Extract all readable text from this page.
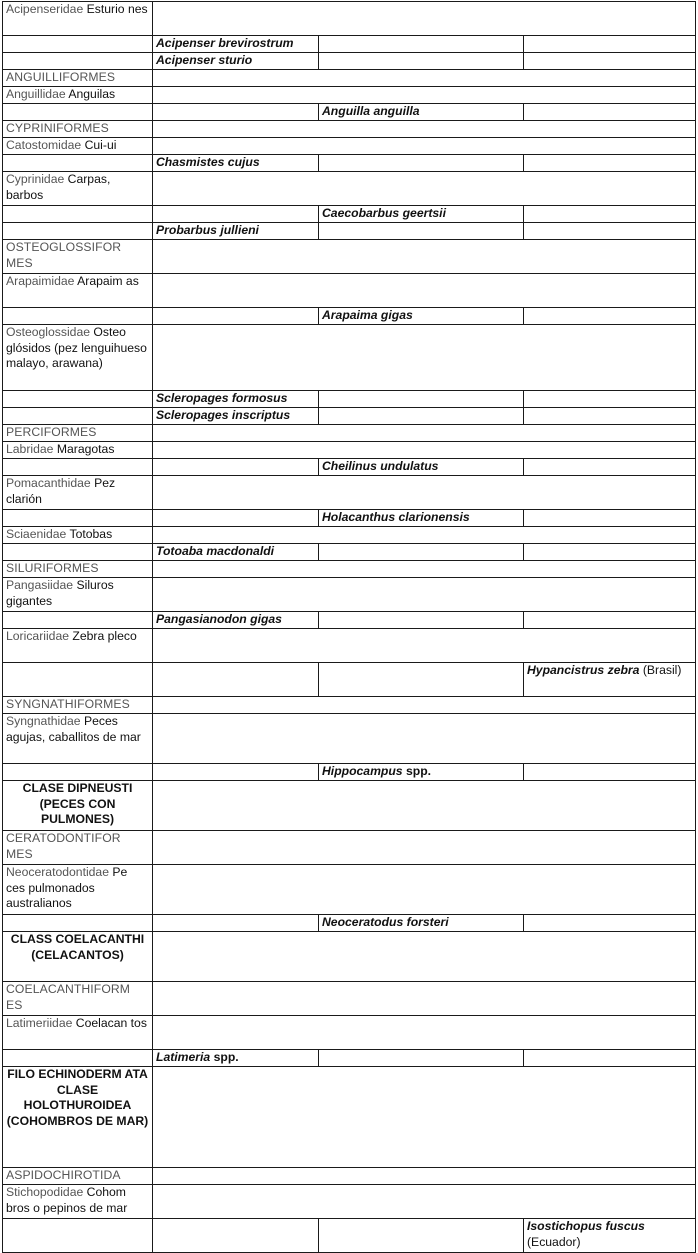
Acipenseridae Esturio nes			
	Acipenser brevirostrum		
	Acipenser sturio		
ANGUILLIFORMES			
Anguillidae Anguilas			
		Anguilla anguilla	
CYPRINIFORMES			
Catostomidae Cui-ui			
	Chasmistes cujus		
Cyprinidae Carpas, barbos			
		Caecobarbus geertsii	
	Probarbus jullieni		
OSTEOGLOSSIFOR MES			
Arapaimidae Arapaim as			
		Arapaima gigas	
Osteoglossidae Osteo glósidos (pez lenguihueso malayo, arawana)			
	Scleropages formosus		
	Scleropages inscriptus		
PERCIFORMES			
Labridae Maragotas			
		Cheilinus undulatus	
Pomacanthidae Pez clarión			
		Holacanthus clarionensis	
Sciaenidae Totobas			
	Totoaba macdonaldi		
SILURIFORMES			
Pangasiidae Siluros gigantes			
	Pangasianodon gigas		
Loricariidae Zebra pleco			
			Hypancistrus zebra (Brasil)
SYNGNATHIFORMES			
Syngnathidae Peces agujas, caballitos de mar			
		Hippocampus spp.	
CLASE DIPNEUSTI (PECES CON PULMONES)			
CERATODONTIFOR MES			
Neoceratodontidae Pe ces pulmonados australianos			
		Neoceratodus forsteri	
CLASS COELACANTHI (CELACANTOS)			
COELACANTHIFORM ES			
Latimeriidae Coelacan tos			
	Latimeria spp.		
FILO ECHINODERM ATA CLASE HOLOTHUROIDEA (COHOMBROS DE MAR)			
ASPIDOCHIROTIDA			
Stichopodidae Cohom bros o pepinos de mar			
			Isostichopus fuscus (Ecuador)
